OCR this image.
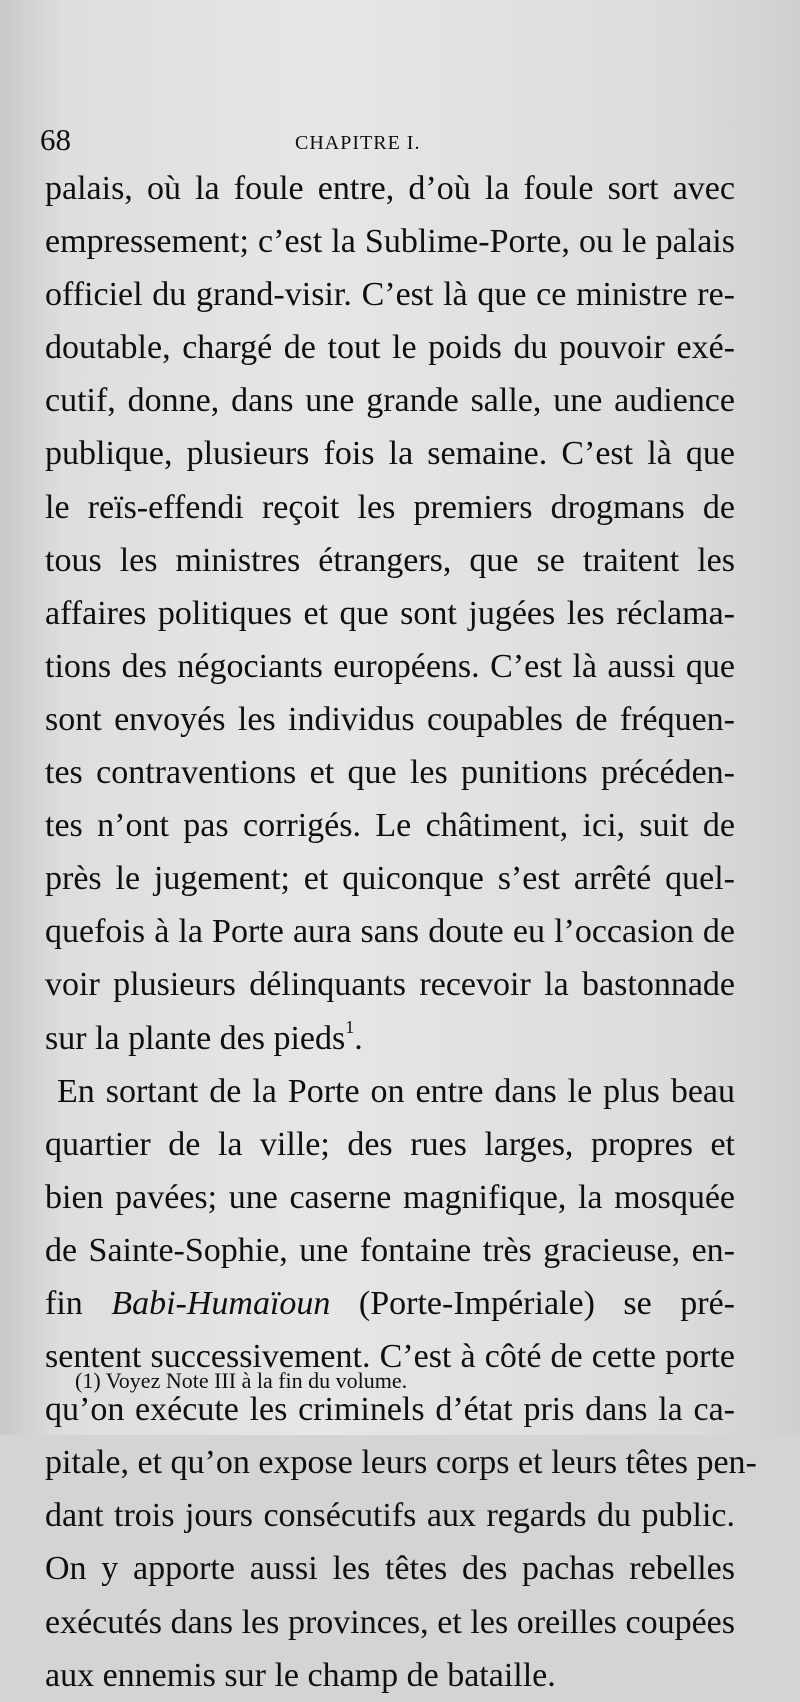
68	CHAPITRE I.
palais, où la foule entre, d’où la foule sort avec
empressement; c’est la Sublime-Porte, ou le palais
officiel du grand-visir. C’est là que ce ministre re-
doutable, chargé de tout le poids du pouvoir exé-
cutif, donne, dans une grande salle, une audience
publique, plusieurs fois la semaine. C’est là que
le reïs-effendi reçoit les premiers drogmans de
tous les ministres étrangers, que se traitent les
affaires politiques et que sont jugées les réclama-
tions des négociants européens. C’est là aussi que
sont envoyés les individus coupables de fréquen-
tes contraventions et que les punitions précéden-
tes n’ont pas corrigés. Le châtiment, ici, suit de
près le jugement; et quiconque s’est arrêté quel-
quefois à la Porte aura sans doute eu l’occasion de
voir plusieurs délinquants recevoir la bastonnade
sur la plante des pieds$^1$.
En sortant de la Porte on entre dans le plus beau
quartier de la ville; des rues larges, propres et
bien pavées; une caserne magnifique, la mosquée
de Sainte-Sophie, une fontaine très gracieuse, en-
fin Babi-Humaïoun (Porte-Impériale) se pré-
sentent successivement. C’est à côté de cette porte
qu’on exécute les criminels d’état pris dans la ca-
pitale, et qu’on expose leurs corps et leurs têtes pen-
dant trois jours consécutifs aux regards du public.
On y apporte aussi les têtes des pachas rebelles
exécutés dans les provinces, et les oreilles coupées
aux ennemis sur le champ de bataille.
(1) Voyez Note III à la fin du volume.
